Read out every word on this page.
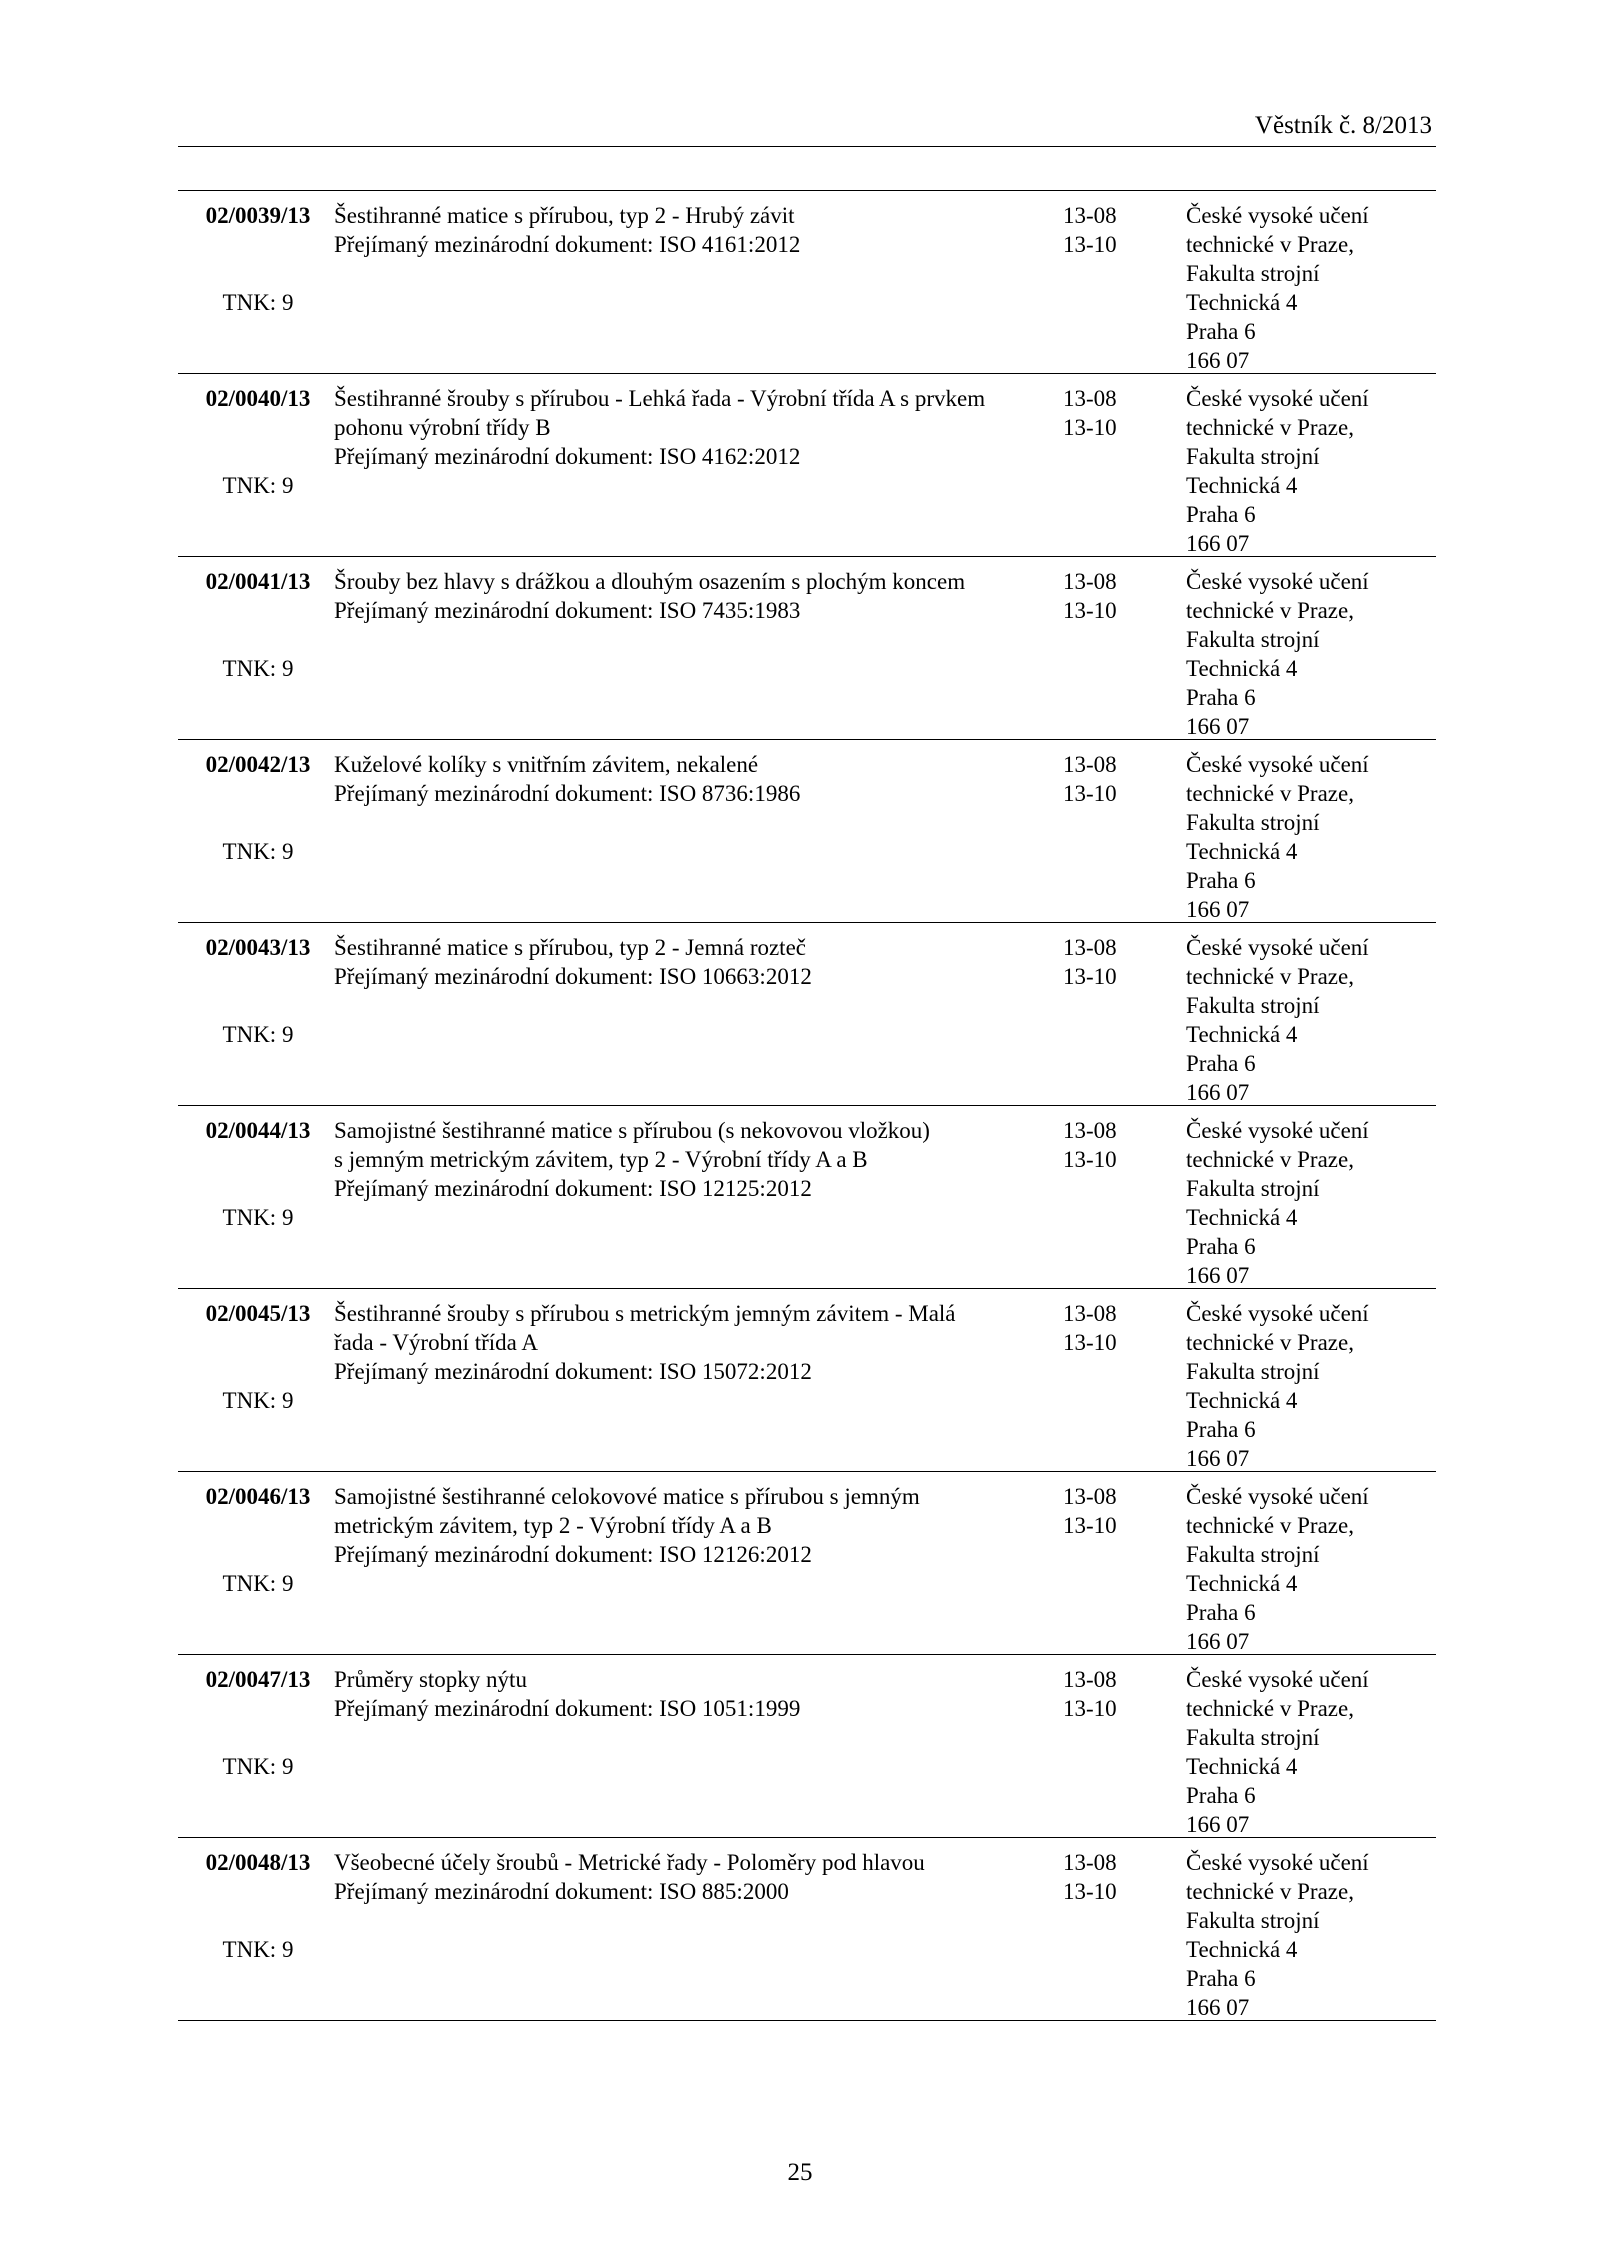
Věstník č. 8/2013
02/0039/13
TNK: 9
Šestihranné matice s přírubou, typ 2 - Hrubý závit
Přejímaný mezinárodní dokument: ISO 4161:2012
13-08
13-10
České vysoké učení
technické v Praze,
Fakulta strojní
Technická 4
Praha 6
166 07
02/0040/13
TNK: 9
Šestihranné šrouby s přírubou - Lehká řada - Výrobní třída A s prvkem
pohonu výrobní třídy B
Přejímaný mezinárodní dokument: ISO 4162:2012
13-08
13-10
České vysoké učení
technické v Praze,
Fakulta strojní
Technická 4
Praha 6
166 07
02/0041/13
TNK: 9
Šrouby bez hlavy s drážkou a dlouhým osazením s plochým koncem
Přejímaný mezinárodní dokument: ISO 7435:1983
13-08
13-10
České vysoké učení
technické v Praze,
Fakulta strojní
Technická 4
Praha 6
166 07
02/0042/13
TNK: 9
Kuželové kolíky s vnitřním závitem, nekalené
Přejímaný mezinárodní dokument: ISO 8736:1986
13-08
13-10
České vysoké učení
technické v Praze,
Fakulta strojní
Technická 4
Praha 6
166 07
02/0043/13
TNK: 9
Šestihranné matice s přírubou, typ 2 - Jemná rozteč
Přejímaný mezinárodní dokument: ISO 10663:2012
13-08
13-10
České vysoké učení
technické v Praze,
Fakulta strojní
Technická 4
Praha 6
166 07
02/0044/13
TNK: 9
Samojistné šestihranné matice s přírubou (s nekovovou vložkou)
s jemným metrickým závitem, typ 2 - Výrobní třídy A a B
Přejímaný mezinárodní dokument: ISO 12125:2012
13-08
13-10
České vysoké učení
technické v Praze,
Fakulta strojní
Technická 4
Praha 6
166 07
02/0045/13
TNK: 9
Šestihranné šrouby s přírubou s metrickým jemným závitem - Malá
řada - Výrobní třída A
Přejímaný mezinárodní dokument: ISO 15072:2012
13-08
13-10
České vysoké učení
technické v Praze,
Fakulta strojní
Technická 4
Praha 6
166 07
02/0046/13
TNK: 9
Samojistné šestihranné celokovové matice s přírubou s jemným
metrickým závitem, typ 2 - Výrobní třídy A a B
Přejímaný mezinárodní dokument: ISO 12126:2012
13-08
13-10
České vysoké učení
technické v Praze,
Fakulta strojní
Technická 4
Praha 6
166 07
02/0047/13
TNK: 9
Průměry stopky nýtu
Přejímaný mezinárodní dokument: ISO 1051:1999
13-08
13-10
České vysoké učení
technické v Praze,
Fakulta strojní
Technická 4
Praha 6
166 07
02/0048/13
TNK: 9
Všeobecné účely šroubů - Metrické řady - Poloměry pod hlavou
Přejímaný mezinárodní dokument: ISO 885:2000
13-08
13-10
České vysoké učení
technické v Praze,
Fakulta strojní
Technická 4
Praha 6
166 07
25
